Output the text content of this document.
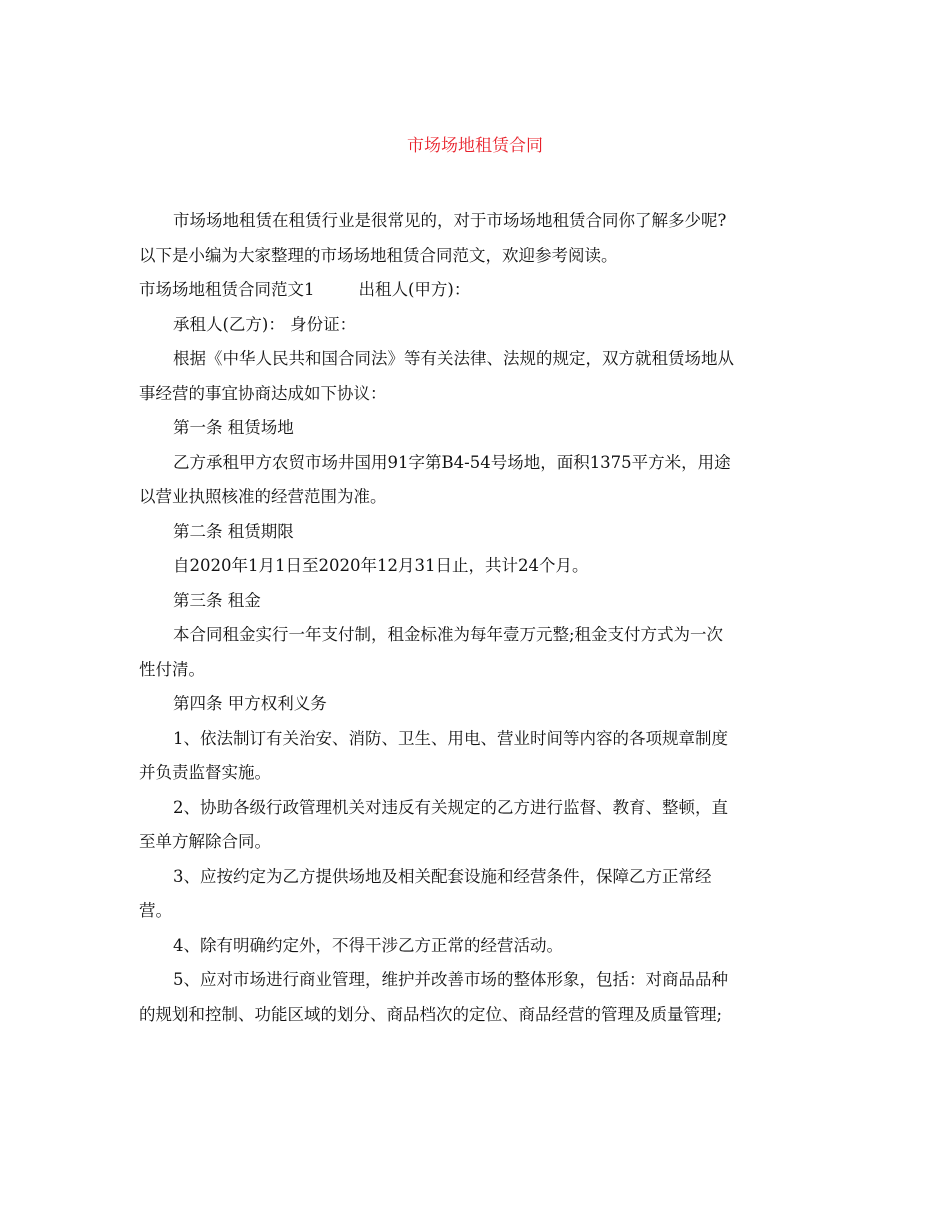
市场场地租赁合同
市场场地租赁在租赁行业是很常见的，对于市场场地租赁合同你了解多少呢?
以下是小编为大家整理的市场场地租赁合同范文，欢迎参考阅读。
市场场地租赁合同范文1	出租人(甲方)：
承租人(乙方)： 身份证：
根据《中华人民共和国合同法》等有关法律、法规的规定，双方就租赁场地从
事经营的事宜协商达成如下协议：
第一条 租赁场地
乙方承租甲方农贸市场井国用91字第B4-54号场地，面积1375平方米，用途
以营业执照核准的经营范围为准。
第二条 租赁期限
自2020年1月1日至2020年12月31日止，共计24个月。
第三条 租金
本合同租金实行一年支付制，租金标准为每年壹万元整;租金支付方式为一次
性付清。
第四条 甲方权利义务
1、依法制订有关治安、消防、卫生、用电、营业时间等内容的各项规章制度
并负责监督实施。
2、协助各级行政管理机关对违反有关规定的乙方进行监督、教育、整顿，直
至单方解除合同。
3、应按约定为乙方提供场地及相关配套设施和经营条件，保障乙方正常经
营。
4、除有明确约定外，不得干涉乙方正常的经营活动。
5、应对市场进行商业管理，维护并改善市场的整体形象，包括：对商品品种
的规划和控制、功能区域的划分、商品档次的定位、商品经营的管理及质量管理;
